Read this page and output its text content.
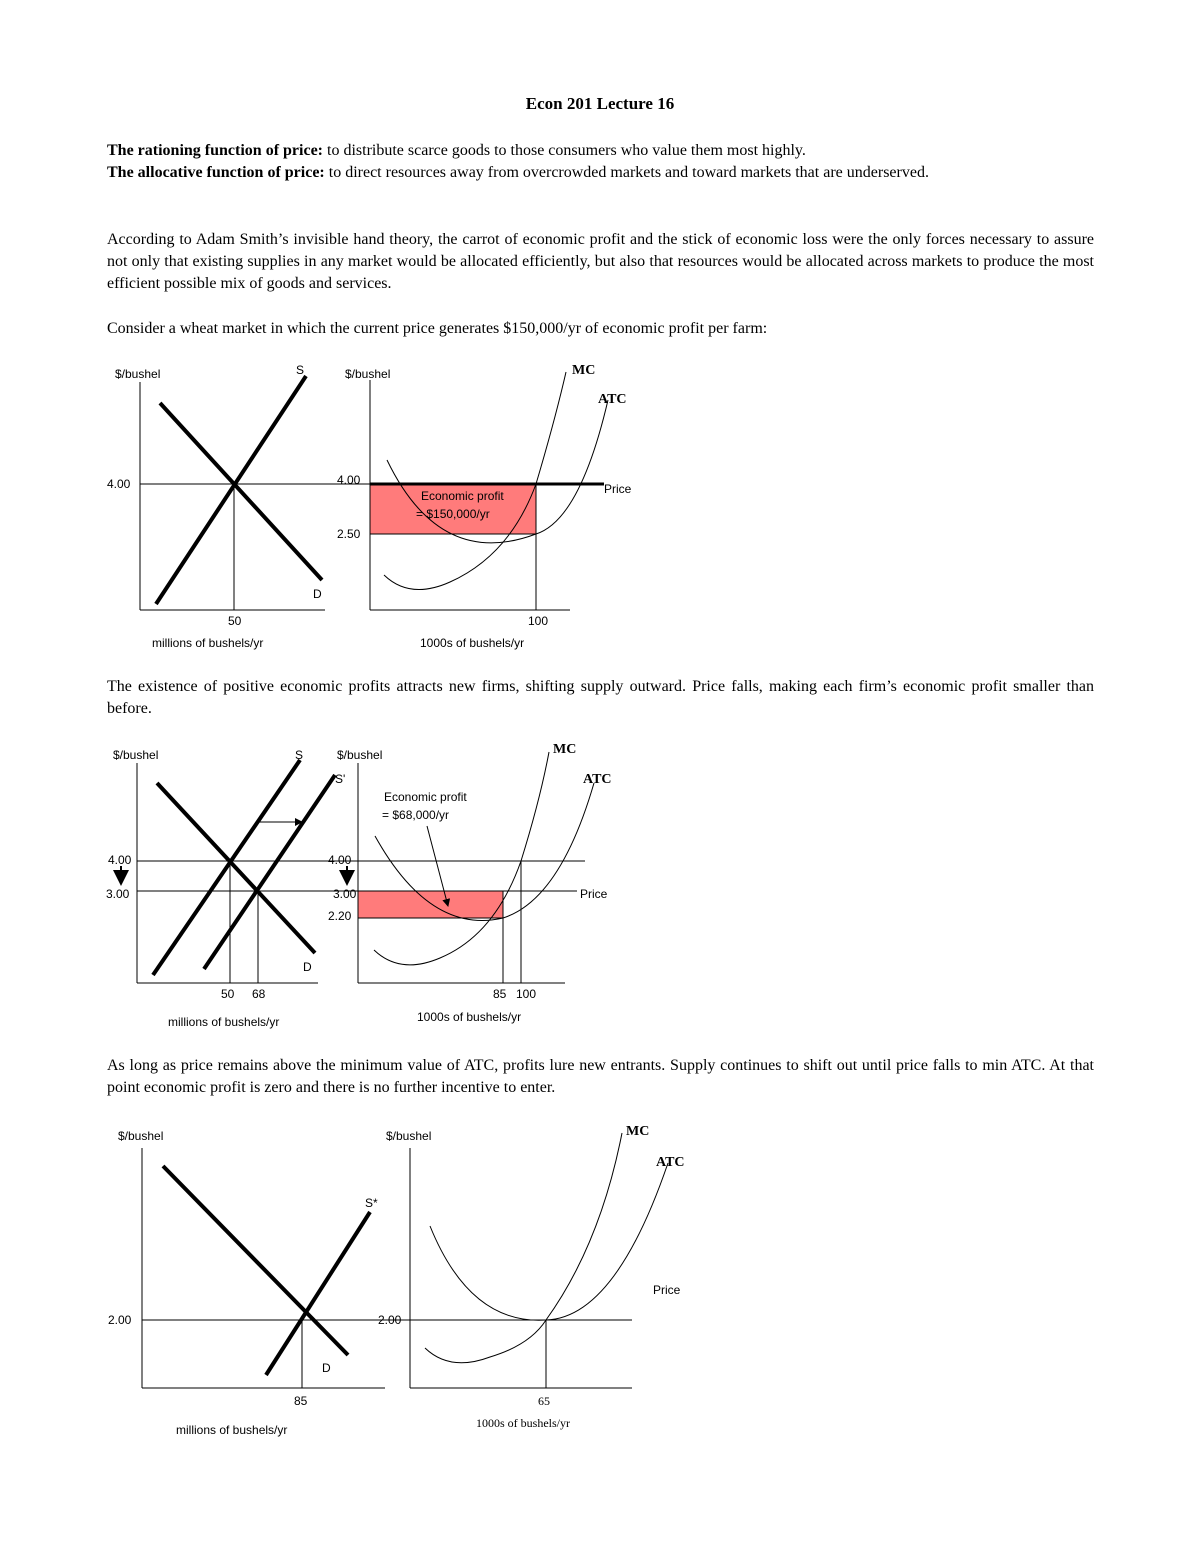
Econ 201 Lecture 16
The rationing function of price: to distribute scarce goods to those consumers who value them most highly.
The allocative function of price: to direct resources away from overcrowded markets and toward markets that are underserved.
According to Adam Smith’s invisible hand theory, the carrot of economic profit and the stick of economic loss were the only forces necessary to assure not only that existing supplies in any market would be allocated efficiently, but also that resources would be allocated across markets to produce the most efficient possible mix of goods and services.
Consider a wheat market in which the current price generates $150,000/yr of economic profit per farm:
The existence of positive economic profits attracts new firms, shifting supply outward. Price falls, making each firm’s economic profit smaller than before.
As long as price remains above the minimum value of ATC, profits lure new entrants. Supply continues to shift out until price falls to min ATC. At that point economic profit is zero and there is no further incentive to enter.
$/bushel
4.00
S
D
50
millions of bushels/yr
$/bushel
4.00
2.50
MC
ATC
Price
Economic profit
= $150,000/yr
100
1000s of bushels/yr
$/bushel
4.00
3.00
S
S'
D
50 68
millions of bushels/yr
$/bushel
4.00
3.00
2.20
MC
ATC
Price
Economic profit
= $68,000/yr
85 100
1000s of bushels/yr
$/bushel
2.00
S*
D
85
millions of bushels/yr
$/bushel
2.00
MC
ATC
Price
65
1000s of bushels/yr
